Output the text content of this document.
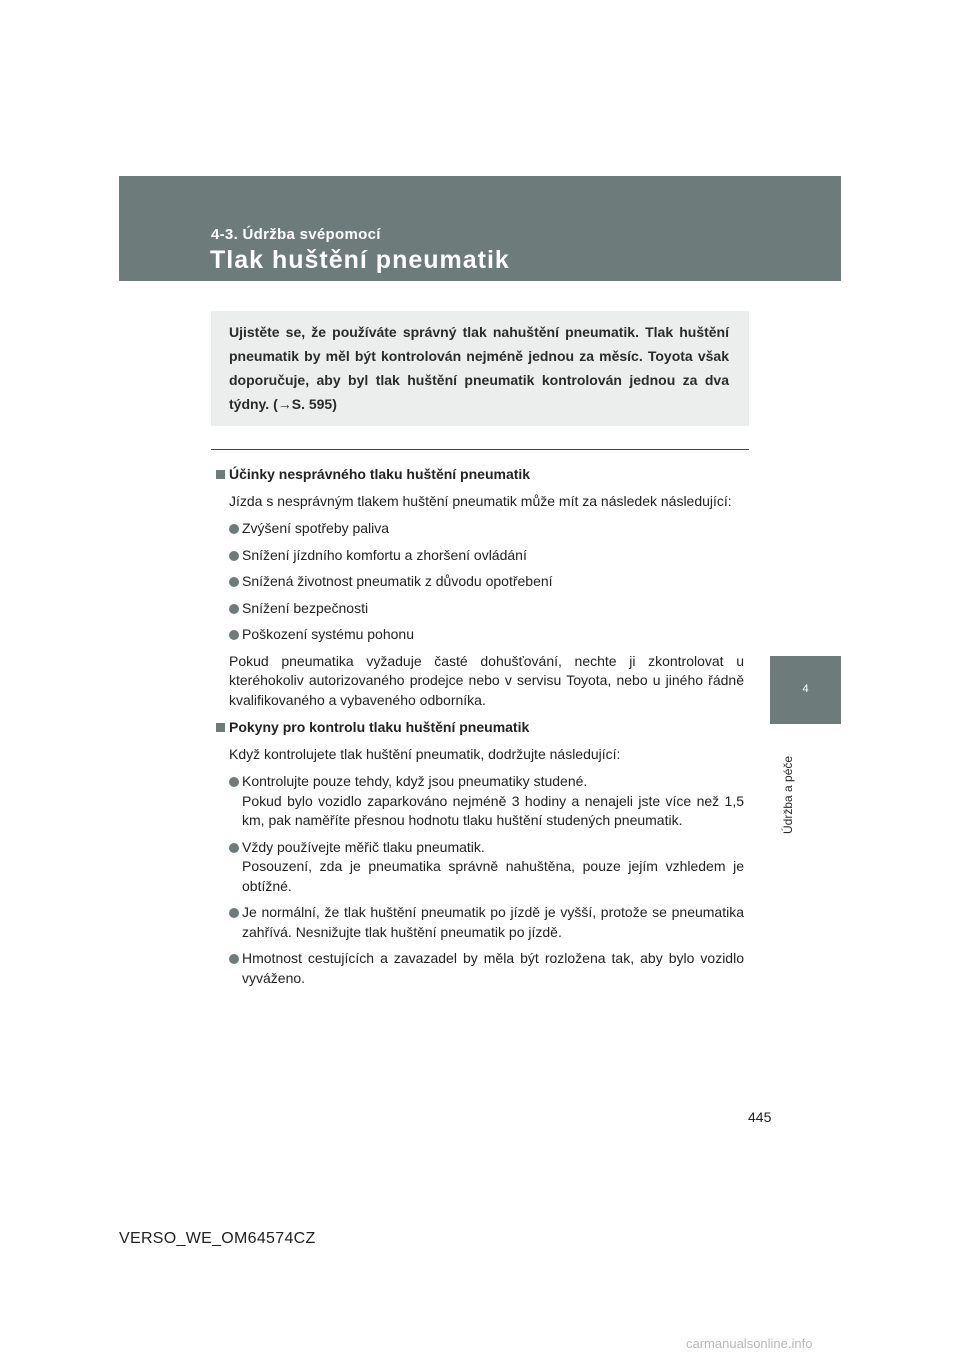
4-3. Údržba svépomocí
Tlak huštění pneumatik
4
Údržba a péče

Ujistěte se, že používáte správný tlak nahuštění pneumatik. Tlak huštění pneumatik by měl být kontrolován nejméně jednou za měsíc. Toyota však doporučuje, aby byl tlak huštění pneumatik kontrolován jednou za dva týdny. (→S. 595)

Účinky nesprávného tlaku huštění pneumatik

Jízda s nesprávným tlakem huštění pneumatik může mít za následek následující:

Zvýšení spotřeby paliva

Snížení jízdního komfortu a zhoršení ovládání

Snížená životnost pneumatik z důvodu opotřebení

Snížení bezpečnosti

Poškození systému pohonu

Pokud pneumatika vyžaduje časté dohušťování, nechte ji zkontrolovat u kteréhokoliv autorizovaného prodejce nebo v servisu Toyota, nebo u jiného řádně kvalifikovaného a vybaveného odborníka.

Pokyny pro kontrolu tlaku huštění pneumatik

Když kontrolujete tlak huštění pneumatik, dodržujte následující:

Kontrolujte pouze tehdy, když jsou pneumatiky studené.
Pokud bylo vozidlo zaparkováno nejméně 3 hodiny a nenajeli jste více než 1,5 km, pak naměříte přesnou hodnotu tlaku huštění studených pneumatik.

Vždy používejte měřič tlaku pneumatik.
Posouzení, zda je pneumatika správně nahuštěna, pouze jejím vzhledem je obtížné.

Je normální, že tlak huštění pneumatik po jízdě je vyšší, protože se pneumatika zahřívá. Nesnižujte tlak huštění pneumatik po jízdě.

Hmotnost cestujících a zavazadel by měla být rozložena tak, aby bylo vozidlo vyváženo.

445
VERSO_WE_OM64574CZ
carmanualsonline.info
